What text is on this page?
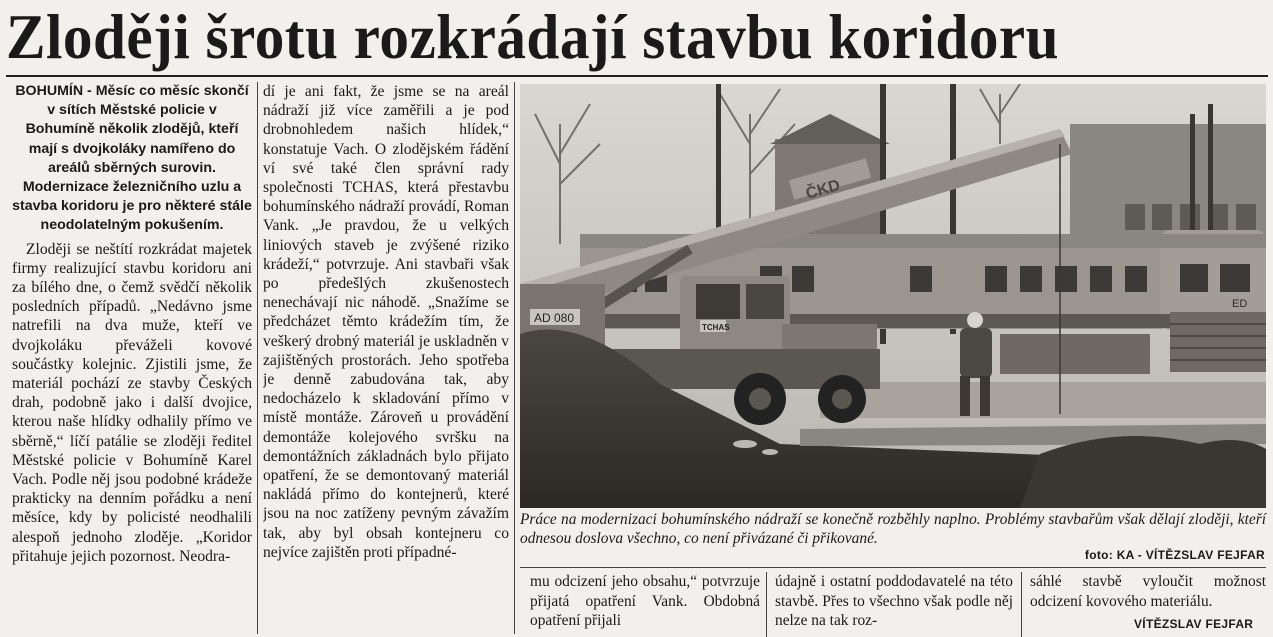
Zloději šrotu rozkrádají stavbu koridoru

BOHUMÍN - Měsíc co měsíc skončí v sítích Městské policie v Bohumíně několik zlodějů, kteří mají s dvojkoláky namířeno do areálů sběrných surovin. Modernizace železničního uzlu a stavba koridoru je pro některé stále neodolatelným pokušením.

Zloději se neštítí rozkrádat majetek firmy realizující stavbu koridoru ani za bílého dne, o čemž svědčí několik posledních případů. „Nedávno jsme natrefili na dva muže, kteří ve dvojkoláku převáželi kovové součástky kolejnic. Zjistili jsme, že materiál pochází ze stavby Českých drah, podobně jako i další dvojice, kterou naše hlídky odhalily přímo ve sběrně,“ líčí patálie se zloději ředitel Městské policie v Bohumíně Karel Vach. Podle něj jsou podobné krádeže prakticky na denním pořádku a není měsíce, kdy by policisté neodhalili alespoň jednoho zloděje. „Koridor přitahuje jejich pozornost. Neodra-

dí je ani fakt, že jsme se na areál nádraží již více zaměřili a je pod drobnohledem našich hlídek,“ konstatuje Vach. O zlodějském řádění ví své také člen správní rady společnosti TCHAS, která přestavbu bohumínského nádraží provádí, Roman Vank. „Je pravdou, že u velkých liniových staveb je zvýšené riziko krádeží,“ potvrzuje. Ani stavbaři však po předešlých zkušenostech nenechávají nic náhodě. „Snažíme se předcházet těmto krádežím tím, že veškerý drobný materiál je uskladněn v zajištěných prostorách. Jeho spotřeba je denně zabudována tak, aby nedocházelo k skladování přímo v místě montáže. Zároveň u provádění demontáže kolejového svršku na demontážních základnách bylo přijato opatření, že se demontovaný materiál nakládá přímo do kontejnerů, které jsou na noc zatíženy pevným závažím tak, aby byl obsah kontejneru co nejvíce zajištěn proti případné-

ED
ČKD
AD 080
TCHAS
Práce na modernizaci bohumínského nádraží se konečně rozběhly naplno. Problémy stavbařům však dělají zloději, kteří odnesou doslova všechno, co není přivázané či přikované.
foto: KA - VÍTĚZSLAV FEJFAR

mu odcizení jeho obsahu,“ potvrzuje přijatá opatření Vank. Obdobná opatření přijali

údajně i ostatní poddodavatelé na této stavbě. Přes to všechno však podle něj nelze na tak roz-

sáhlé stavbě vyloučit možnost odcizení kovového materiálu.

VÍTĚZSLAV FEJFAR
